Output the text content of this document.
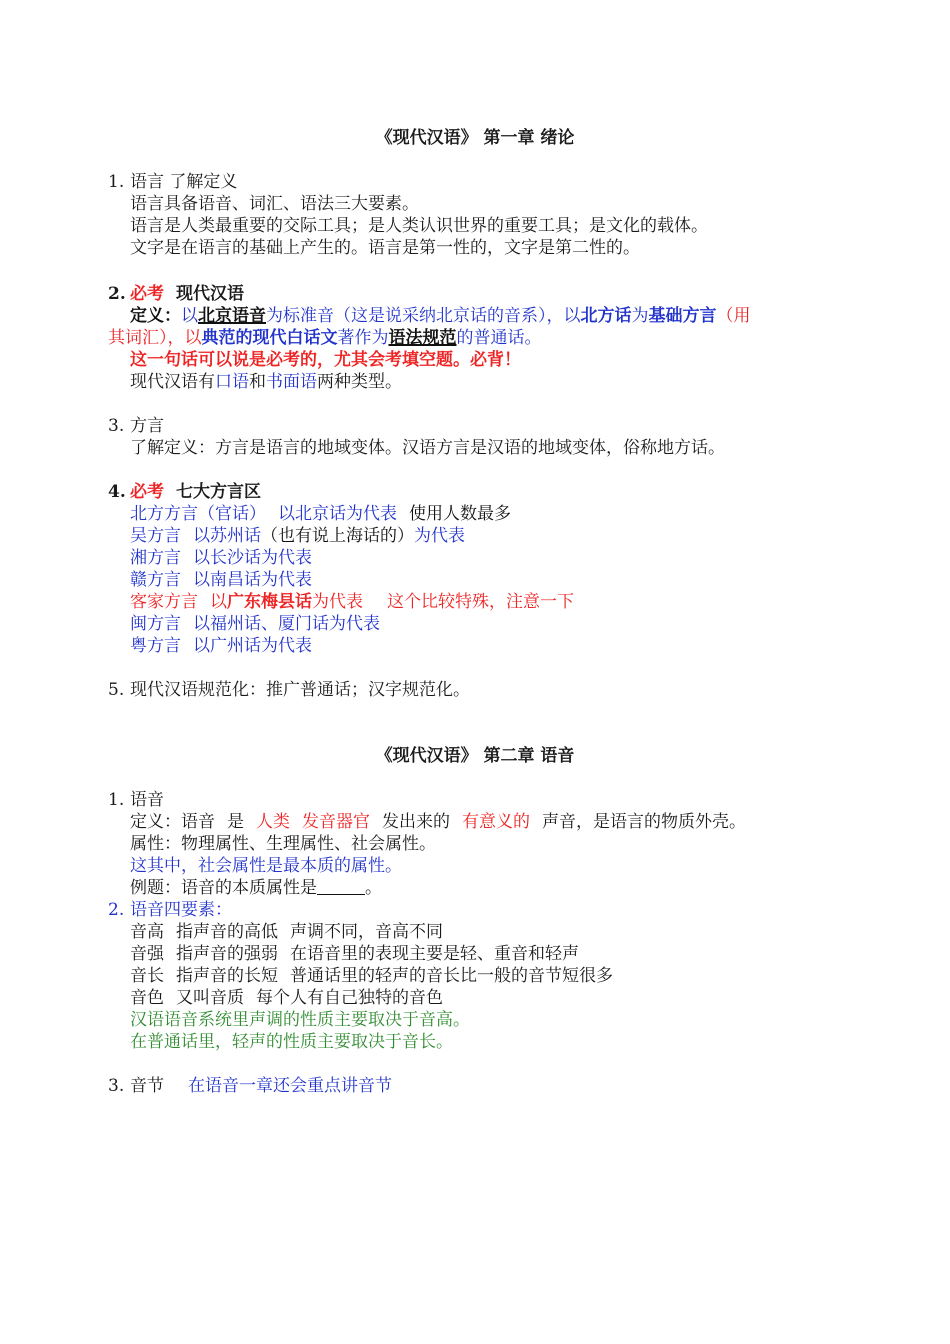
《现代汉语》 第一章 绪论
1. 语言 了解定义
语言具备语音、词汇、语法三大要素。
语言是人类最重要的交际工具；是人类认识世界的重要工具；是文化的载体。
文字是在语言的基础上产生的。语言是第一性的，文字是第二性的。
2. 必考 现代汉语
定义：以北京语音为标准音（这是说采纳北京话的音系），以北方话为基础方言（用
其词汇），以典范的现代白话文著作为语法规范的普通话。
这一句话可以说是必考的，尤其会考填空题。必背！
现代汉语有口语和书面语两种类型。
3. 方言
了解定义：方言是语言的地域变体。汉语方言是汉语的地域变体，俗称地方话。
4. 必考 七大方言区
北方方言（官话） 以北京话为代表 使用人数最多
吴方言 以苏州话（也有说上海话的）为代表
湘方言 以长沙话为代表
赣方言 以南昌话为代表
客家方言 以广东梅县话为代表 这个比较特殊，注意一下
闽方言 以福州话、厦门话为代表
粤方言 以广州话为代表
5. 现代汉语规范化：推广普通话；汉字规范化。
《现代汉语》 第二章 语音
1. 语音
定义：语音 是 人类 发音器官 发出来的 有意义的 声音，是语言的物质外壳。
属性：物理属性、生理属性、社会属性。
这其中，社会属性是最本质的属性。
例题：语音的本质属性是	。
2. 语音四要素：
音高 指声音的高低 声调不同，音高不同
音强 指声音的强弱 在语音里的表现主要是轻、重音和轻声
音长 指声音的长短 普通话里的轻声的音长比一般的音节短很多
音色 又叫音质 每个人有自己独特的音色
汉语语音系统里声调的性质主要取决于音高。
在普通话里，轻声的性质主要取决于音长。
3. 音节 在语音一章还会重点讲音节
